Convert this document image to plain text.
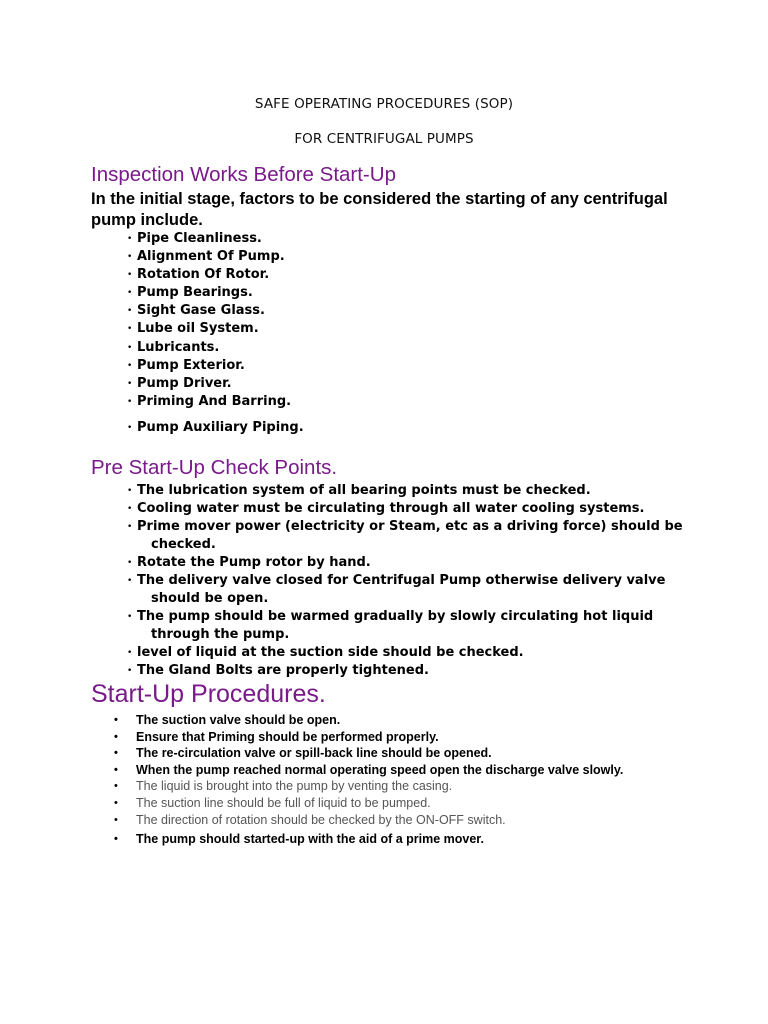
SAFE OPERATING PROCEDURES (SOP)
FOR CENTRIFUGAL PUMPS
Inspection Works Before Start-Up

In the initial stage, factors to be considered the starting of any centrifugal pump include.

• Pipe Cleanliness.
• Alignment Of Pump.
• Rotation Of Rotor.
• Pump Bearings.
• Sight Gase Glass.
• Lube oil System.
• Lubricants.
• Pump Exterior.
• Pump Driver.
• Priming And Barring.
• Pump Auxiliary Piping.
Pre Start-Up Check Points.
• The lubrication system of all bearing points must be checked.
• Cooling water must be circulating through all water cooling systems.
• Prime mover power (electricity or Steam, etc as a driving force) should be
checked.
• Rotate the Pump rotor by hand.
• The delivery valve closed for Centrifugal Pump otherwise delivery valve
should be open.
• The pump should be warmed gradually by slowly circulating hot liquid
through the pump.
• level of liquid at the suction side should be checked.
• The Gland Bolts are properly tightened.
Start-Up Procedures.
• The suction valve should be open.
• Ensure that Priming should be performed properly.
• The re-circulation valve or spill-back line should be opened.
• When the pump reached normal operating speed open the discharge valve slowly.
• The liquid is brought into the pump by venting the casing.
• The suction line should be full of liquid to be pumped.
• The direction of rotation should be checked by the ON-OFF switch.
• The pump should started-up with the aid of a prime mover.
